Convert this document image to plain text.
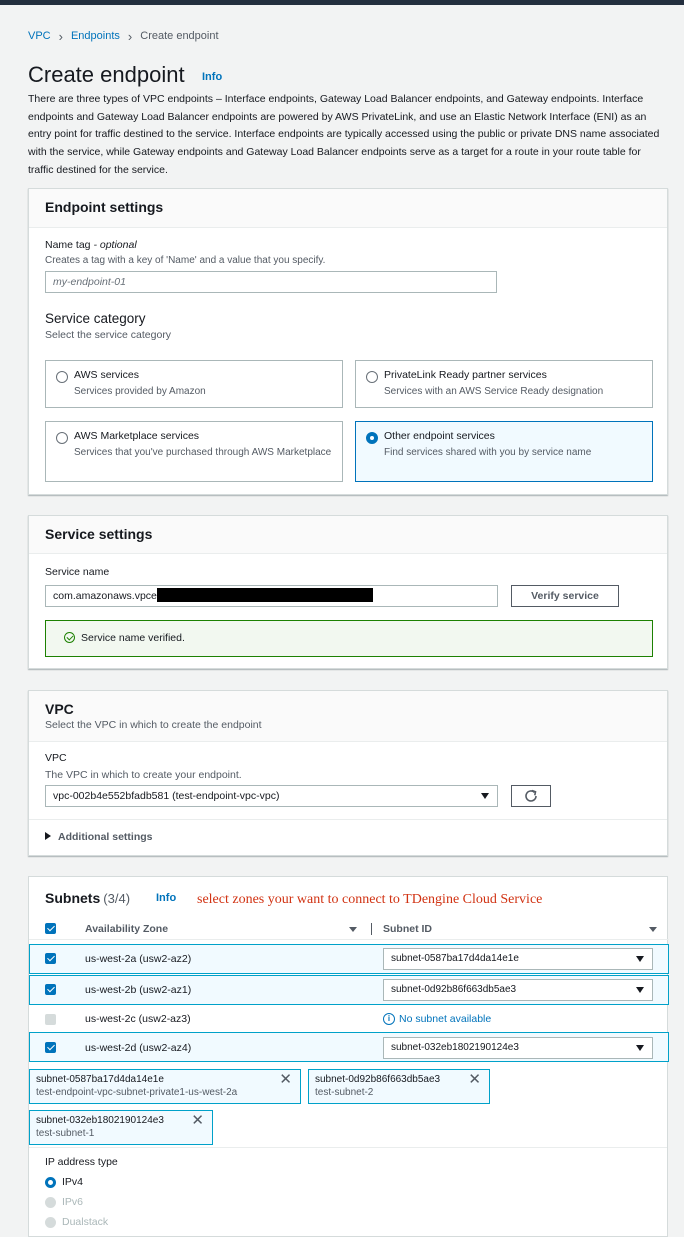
VPC › Endpoints › Create endpoint
Create endpoint Info

There are three types of VPC endpoints – Interface endpoints, Gateway Load Balancer endpoints, and Gateway endpoints. Interface endpoints and Gateway Load Balancer endpoints are powered by AWS PrivateLink, and use an Elastic Network Interface (ENI) as an entry point for traffic destined to the service. Interface endpoints are typically accessed using the public or private DNS name associated with the service, while Gateway endpoints and Gateway Load Balancer endpoints serve as a target for a route in your route table for traffic destined for the service.

Endpoint settings
Name tag - optional
Creates a tag with a key of 'Name' and a value that you specify.
my-endpoint-01
Service category
Select the service category
AWS services
Services provided by Amazon
PrivateLink Ready partner services
Services with an AWS Service Ready designation
AWS Marketplace services
Services that you've purchased through AWS Marketplace
Other endpoint services
Find services shared with you by service name
Service settings
Service name
com.amazonaws.vpce	Verify service
Service name verified.
VPC
Select the VPC in which to create the endpoint
VPC
The VPC in which to create your endpoint.
vpc-002b4e552bfadb581 (test-endpoint-vpc-vpc)
Additional settings
Subnets (3/4) Info select zones your want to connect to TDengine Cloud Service
Availability Zone	Subnet ID
us-west-2a (usw2-az2)	subnet-0587ba17d4da14e1e
us-west-2b (usw2-az1)	subnet-0d92b86f663db5ae3
us-west-2c (usw2-az3)	i No subnet available
us-west-2d (usw2-az4)	subnet-032eb1802190124e3
subnet-0587ba17d4da14e1e
test-endpoint-vpc-subnet-private1-us-west-2a
✕ subnet-0d92b86f663db5ae3
test-subnet-2
✕
subnet-032eb1802190124e3
test-subnet-1
✕
IP address type
IPv4
IPv6
Dualstack
